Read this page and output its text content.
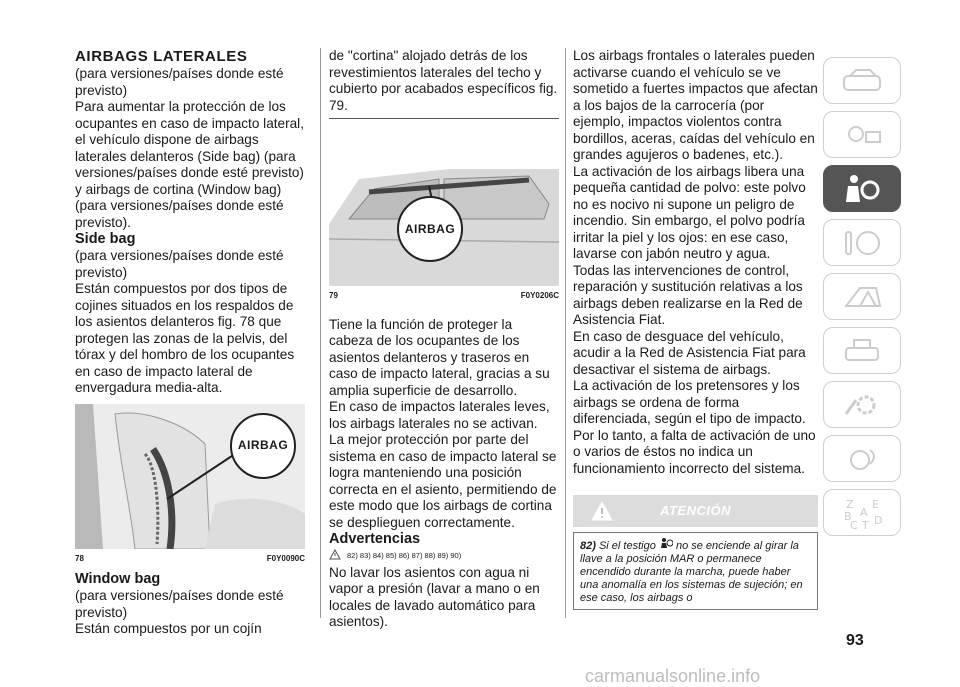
AIRBAGS LATERALES

(para versiones/países donde esté previsto)

Para aumentar la protección de los ocupantes en caso de impacto lateral, el vehículo dispone de airbags laterales delanteros (Side bag) (para versiones/países donde esté previsto) y airbags de cortina (Window bag) (para versiones/países donde esté previsto).

Side bag

(para versiones/países donde esté previsto)

Están compuestos por dos tipos de cojines situados en los respaldos de los asientos delanteros fig. 78 que protegen las zonas de la pelvis, del tórax y del hombro de los ocupantes en caso de impacto lateral de envergadura media-alta.

AIRBAG
78	F0Y0090C

Window bag

(para versiones/países donde esté previsto)

Están compuestos por un cojín

de "cortina" alojado detrás de los revestimientos laterales del techo y cubierto por acabados específicos fig. 79.

AIRBAG
79	F0Y0206C

Tiene la función de proteger la cabeza de los ocupantes de los asientos delanteros y traseros en caso de impacto lateral, gracias a su amplia superficie de desarrollo.

En caso de impactos laterales leves, los airbags laterales no se activan.

La mejor protección por parte del sistema en caso de impacto lateral se logra manteniendo una posición correcta en el asiento, permitiendo de este modo que los airbags de cortina se desplieguen correctamente.

Advertencias

82) 83) 84) 85) 86) 87) 88) 89) 90)

No lavar los asientos con agua ni vapor a presión (lavar a mano o en locales de lavado automático para asientos).

Los airbags frontales o laterales pueden activarse cuando el vehículo se ve sometido a fuertes impactos que afectan a los bajos de la carrocería (por ejemplo, impactos violentos contra bordillos, aceras, caídas del vehículo en grandes agujeros o badenes, etc.).

La activación de los airbags libera una pequeña cantidad de polvo: este polvo no es nocivo ni supone un peligro de incendio. Sin embargo, el polvo podría irritar la piel y los ojos: en ese caso, lavarse con jabón neutro y agua.

Todas las intervenciones de control, reparación y sustitución relativas a los airbags deben realizarse en la Red de Asistencia Fiat.

En caso de desguace del vehículo, acudir a la Red de Asistencia Fiat para desactivar el sistema de airbags.

La activación de los pretensores y los airbags se ordena de forma diferenciada, según el tipo de impacto. Por lo tanto, a falta de activación de uno o varios de éstos no indica un funcionamiento incorrecto del sistema.

ATENCIÓN
82) Si el testigo no se enciende al girar la llave a la posición MAR o permanece encendido durante la marcha, puede haber una anomalía en los sistemas de sujeción; en ese caso, los airbags o
Z E
B A
C T D
93
carmanualsonline.info
